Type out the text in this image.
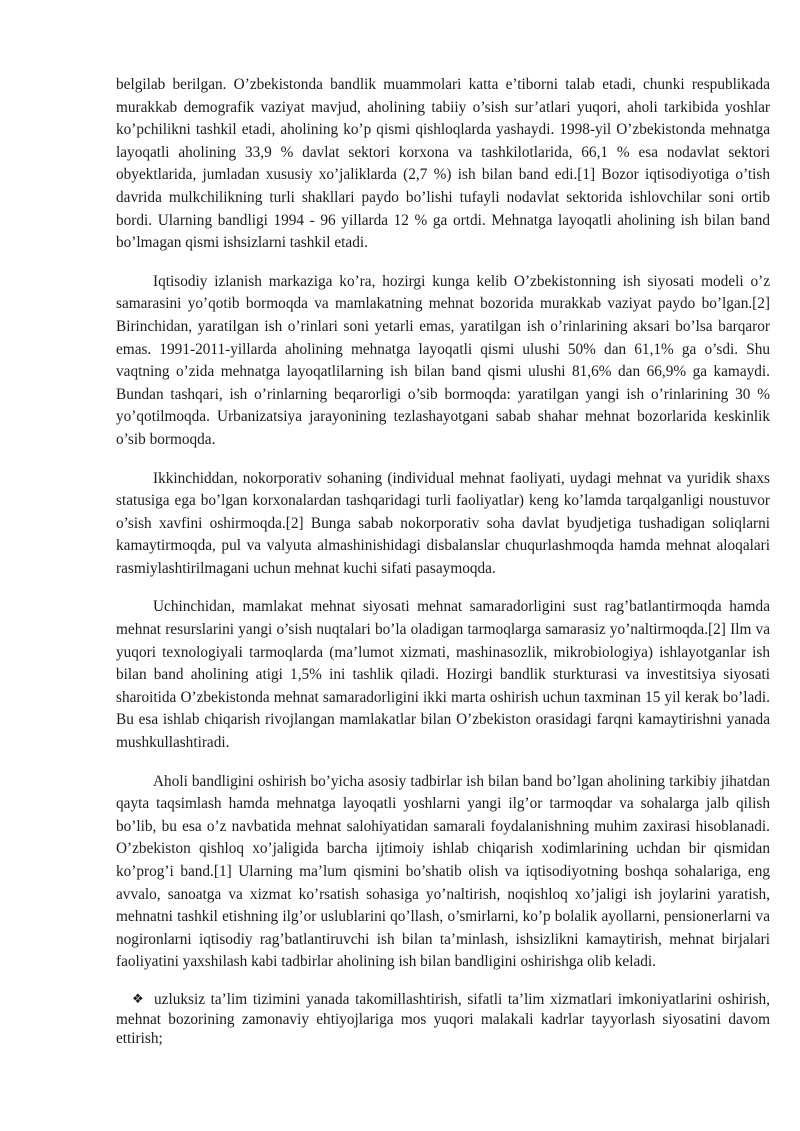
belgilab berilgan. O’zbekistonda bandlik muammolari katta e’tiborni talab etadi, chunki respublikada murakkab demografik vaziyat mavjud, aholining tabiiy o’sish sur’atlari yuqori, aholi tarkibida yoshlar ko’pchilikni tashkil etadi, aholining ko’p qismi qishloqlarda yashaydi. 1998-yil O’zbekistonda mehnatga layoqatli aholining 33,9 % davlat sektori korxona va tashkilotlarida, 66,1 % esa nodavlat sektori obyektlarida, jumladan xususiy xo’jaliklarda (2,7 %) ish bilan band edi.[1] Bozor iqtisodiyotiga o’tish davrida mulkchilikning turli shakllari paydo bo’lishi tufayli nodavlat sektorida ishlovchilar soni ortib bordi. Ularning bandligi 1994 - 96 yillarda 12 % ga ortdi. Mehnatga layoqatli aholining ish bilan band bo’lmagan qismi ishsizlarni tashkil etadi.

Iqtisodiy izlanish markaziga ko’ra, hozirgi kunga kelib O’zbekistonning ish siyosati modeli o’z samarasini yo’qotib bormoqda va mamlakatning mehnat bozorida murakkab vaziyat paydo bo’lgan.[2] Birinchidan, yaratilgan ish o’rinlari soni yetarli emas, yaratilgan ish o’rinlarining aksari bo’lsa barqaror emas. 1991-2011-yillarda aholining mehnatga layoqatli qismi ulushi 50% dan 61,1% ga o’sdi. Shu vaqtning o’zida mehnatga layoqatlilarning ish bilan band qismi ulushi 81,6% dan 66,9% ga kamaydi. Bundan tashqari, ish o’rinlarning beqarorligi o’sib bormoqda: yaratilgan yangi ish o’rinlarining 30 % yo’qotilmoqda. Urbanizatsiya jarayonining tezlashayotgani sabab shahar mehnat bozorlarida keskinlik o’sib bormoqda.

Ikkinchiddan, nokorporativ sohaning (individual mehnat faoliyati, uydagi mehnat va yuridik shaxs statusiga ega bo’lgan korxonalardan tashqaridagi turli faoliyatlar) keng ko’lamda tarqalganligi noustuvor o’sish xavfini oshirmoqda.[2] Bunga sabab nokorporativ soha davlat byudjetiga tushadigan soliqlarni kamaytirmoqda, pul va valyuta almashinishidagi disbalanslar chuqurlashmoqda hamda mehnat aloqalari rasmiylashtirilmagani uchun mehnat kuchi sifati pasaymoqda.

Uchinchidan, mamlakat mehnat siyosati mehnat samaradorligini sust rag’batlantirmoqda hamda mehnat resurslarini yangi o’sish nuqtalari bo’la oladigan tarmoqlarga samarasiz yo’naltirmoqda.[2] Ilm va yuqori texnologiyali tarmoqlarda (ma’lumot xizmati, mashinasozlik, mikrobiologiya) ishlayotganlar ish bilan band aholining atigi 1,5% ini tashlik qiladi. Hozirgi bandlik sturkturasi va investitsiya siyosati sharoitida O’zbekistonda mehnat samaradorligini ikki marta oshirish uchun taxminan 15 yil kerak bo’ladi. Bu esa ishlab chiqarish rivojlangan mamlakatlar bilan O’zbekiston orasidagi farqni kamaytirishni yanada mushkullashtiradi.

Aholi bandligini oshirish bo’yicha asosiy tadbirlar ish bilan band bo’lgan aholining tarkibiy jihatdan qayta taqsimlash hamda mehnatga layoqatli yoshlarni yangi ilg’or tarmoqdar va sohalarga jalb qilish bo’lib, bu esa o’z navbatida mehnat salohiyatidan samarali foydalanishning muhim zaxirasi hisoblanadi. O’zbekiston qishloq xo’jaligida barcha ijtimoiy ishlab chiqarish xodimlarining uchdan bir qismidan ko’prog’i band.[1] Ularning ma’lum qismini bo’shatib olish va iqtisodiyotning boshqa sohalariga, eng avvalo, sanoatga va xizmat ko’rsatish sohasiga yo’naltirish, noqishloq xo’jaligi ish joylarini yaratish, mehnatni tashkil etishning ilg’or uslublarini qo’llash, o’smirlarni, ko’p bolalik ayollarni, pensionerlarni va nogironlarni iqtisodiy rag’batlantiruvchi ish bilan ta’minlash, ishsizlikni kamaytirish, mehnat birjalari faoliyatini yaxshilash kabi tadbirlar aholining ish bilan bandligini oshirishga olib keladi.

❖ uzluksiz ta’lim tizimini yanada takomillashtirish, sifatli ta’lim xizmatlari imkoniyatlarini oshirish, mehnat bozorining zamonaviy ehtiyojlariga mos yuqori malakali kadrlar tayyorlash siyosatini davom ettirish;
